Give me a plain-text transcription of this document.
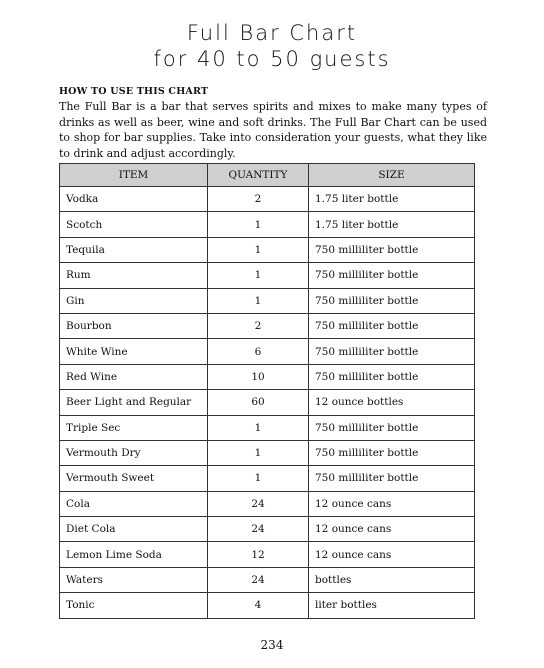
Full Bar Chart
for 40 to 50 guests
HOW TO USE THIS CHART
The Full Bar is a bar that serves spirits and mixes to make many types of drinks as well as beer, wine and soft drinks. The Full Bar Chart can be used to shop for bar supplies. Take into consideration your guests, what they like to drink and adjust accordingly.
ITEM	QUANTITY	SIZE
Vodka	2	1.75 liter bottle
Scotch	1	1.75 liter bottle
Tequila	1	750 milliliter bottle
Rum	1	750 milliliter bottle
Gin	1	750 milliliter bottle
Bourbon	2	750 milliliter bottle
White Wine	6	750 milliliter bottle
Red Wine	10	750 milliliter bottle
Beer Light and Regular	60	12 ounce bottles
Triple Sec	1	750 milliliter bottle
Vermouth Dry	1	750 milliliter bottle
Vermouth Sweet	1	750 milliliter bottle
Cola	24	12 ounce cans
Diet Cola	24	12 ounce cans
Lemon Lime Soda	12	12 ounce cans
Waters	24	bottles
Tonic	4	liter bottles
234
